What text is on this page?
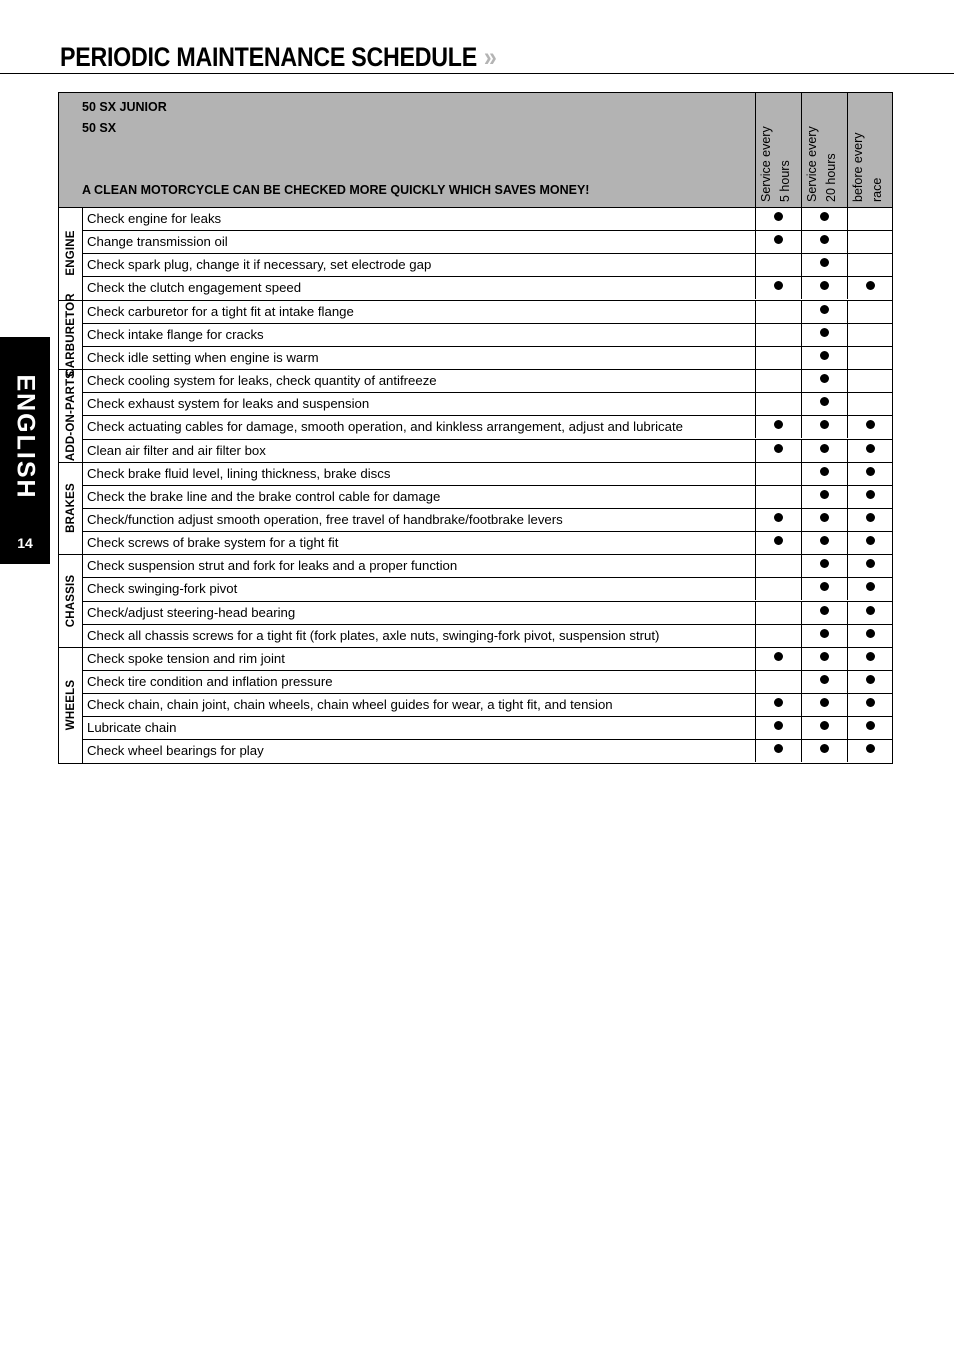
PERIODIC MAINTENANCE SCHEDULE »
ENGLISH
14
50 SX JUNIOR
50 SX
A CLEAN MOTORCYCLE CAN BE CHECKED MORE QUICKLY WHICH SAVES MONEY!	Service every 5 hours Service every 20 hours before every race
Check engine for leaks
Change transmission oil
Check spark plug, change it if necessary, set electrode gap
Check the clutch engagement speed
Check carburetor for a tight fit at intake flange
Check intake flange for cracks
Check idle setting when engine is warm
Check cooling system for leaks, check quantity of antifreeze
Check exhaust system for leaks and suspension
Check actuating cables for damage, smooth operation, and kinkless arrangement, adjust and lubricate
Clean air filter and air filter box
Check brake fluid level, lining thickness, brake discs
Check the brake line and the brake control cable for damage
Check/function adjust smooth operation, free travel of handbrake/footbrake levers
Check screws of brake system for a tight fit
Check suspension strut and fork for leaks and a proper function
Check swinging-fork pivot
Check/adjust steering-head bearing
Check all chassis screws for a tight fit (fork plates, axle nuts, swinging-fork pivot, suspension strut)
Check spoke tension and rim joint
Check tire condition and inflation pressure
Check chain, chain joint, chain wheels, chain wheel guides for wear, a tight fit, and tension
Lubricate chain
Check wheel bearings for play
ENGINE
CARBURETOR
ADD-ON-PARTS
BRAKES
CHASSIS
WHEELS
